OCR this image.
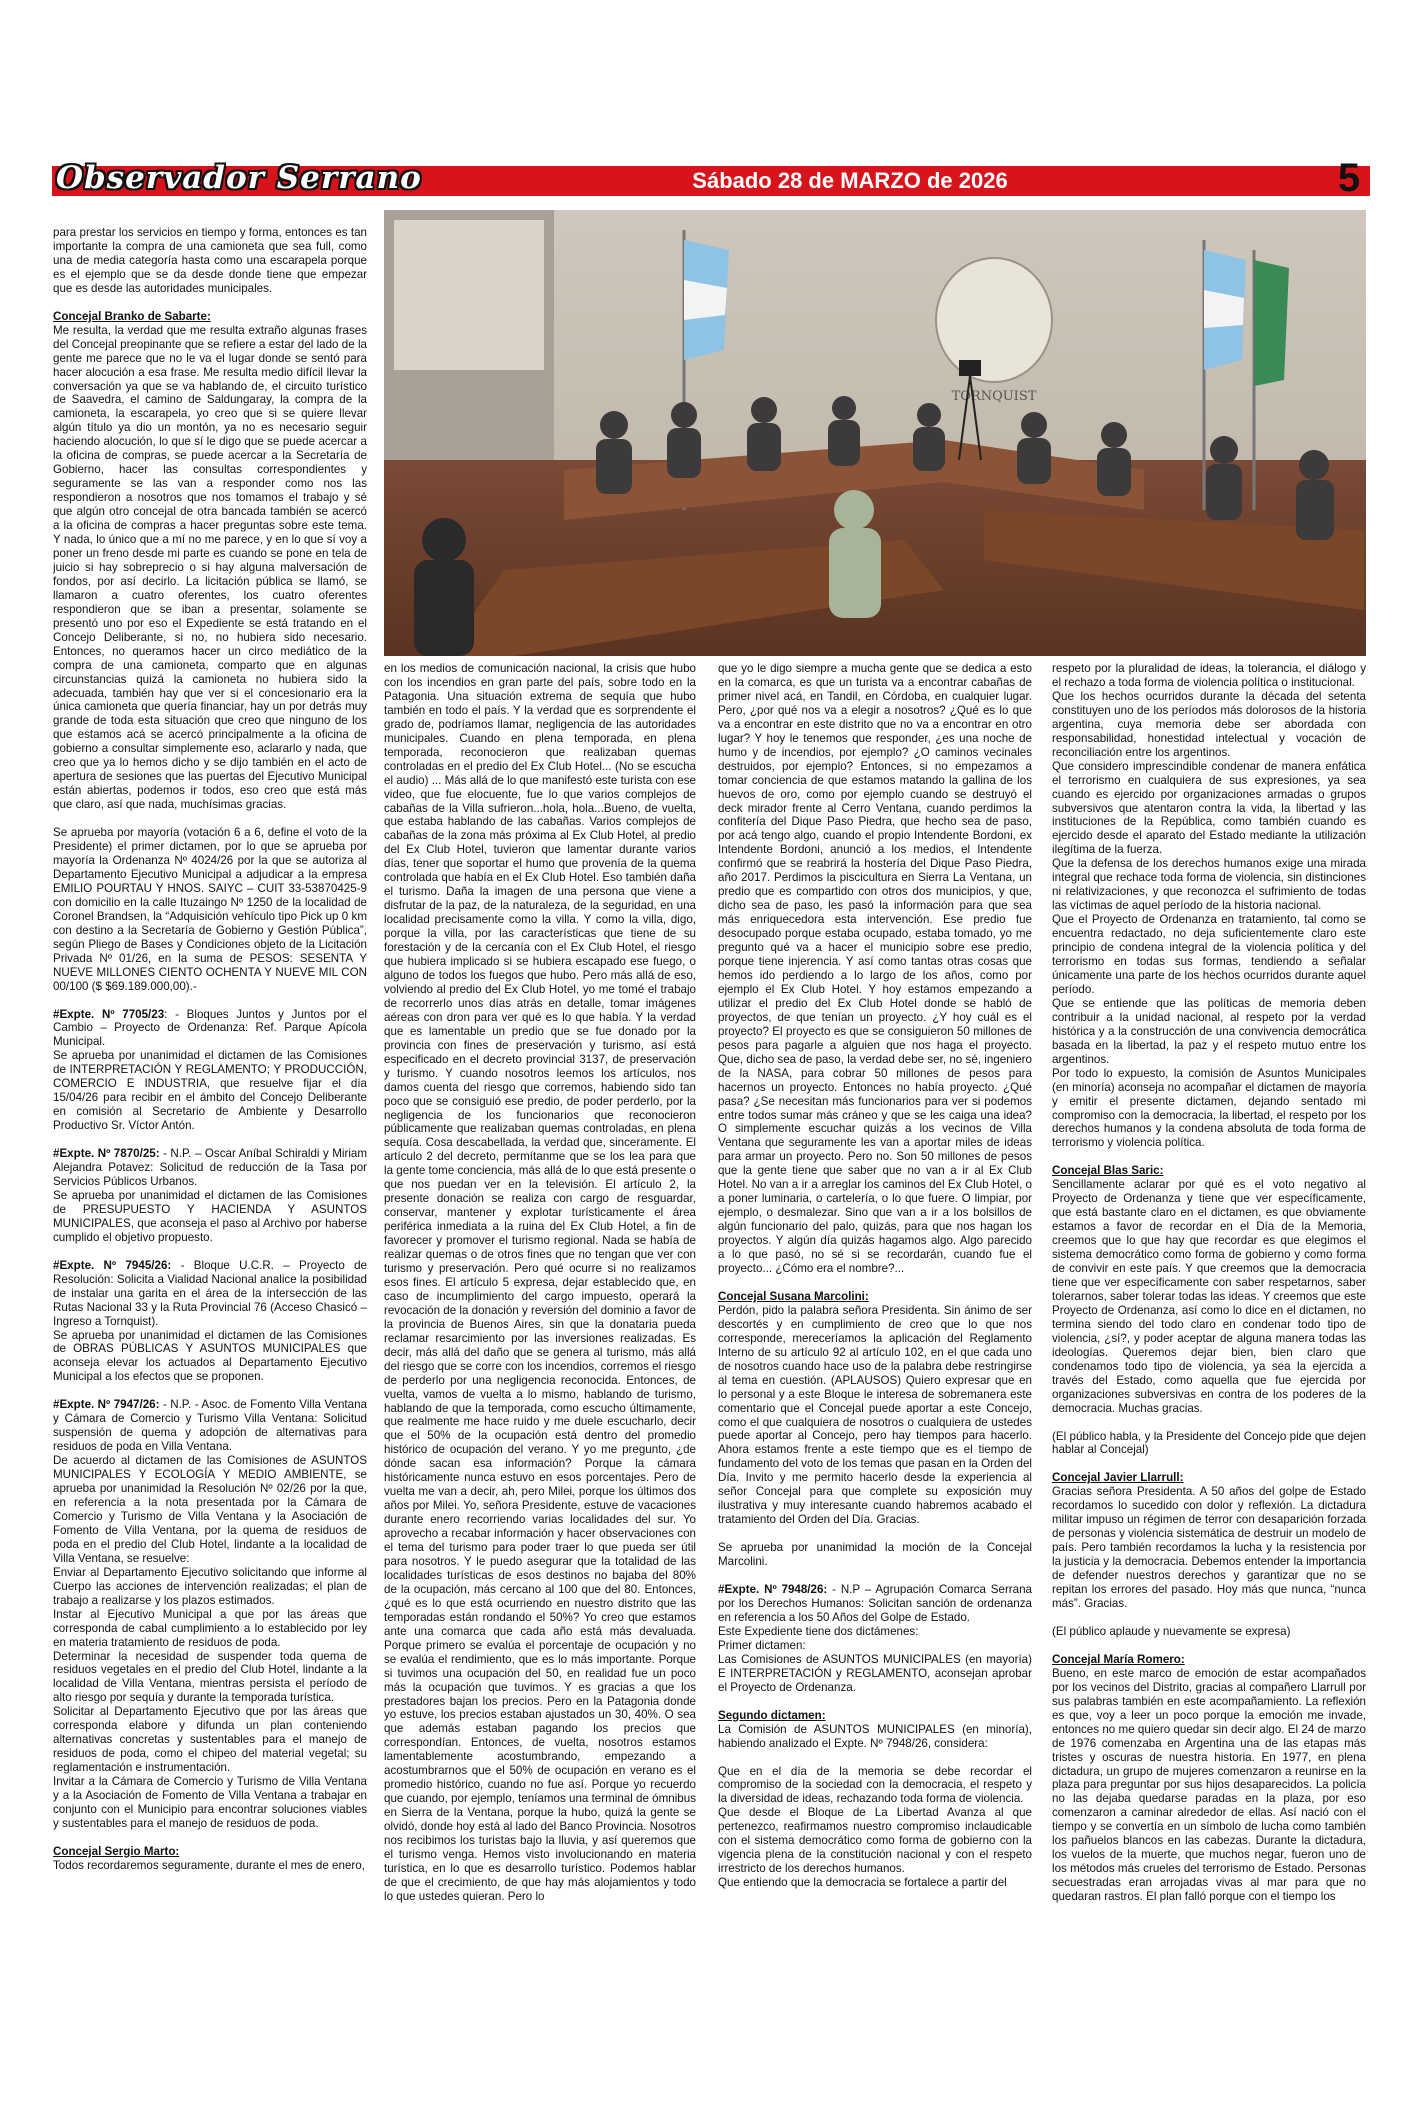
Observador Serrano	Sábado 28 de MARZO de 2026	5

para prestar los servicios en tiempo y forma, entonces es tan importante la compra de una camioneta que sea full, como una de media categoría hasta como una escarapela porque es el ejemplo que se da desde donde tiene que empezar que es desde las autoridades municipales.

Concejal Branko de Sabarte:

Me resulta, la verdad que me resulta extraño algunas frases del Concejal preopinante que se refiere a estar del lado de la gente me parece que no le va el lugar donde se sentó para hacer alocución a esa frase. Me resulta medio difícil llevar la conversación ya que se va hablando de, el circuito turístico de Saavedra, el camino de Saldungaray, la compra de la camioneta, la escarapela, yo creo que si se quiere llevar algún título ya dio un montón, ya no es necesario seguir haciendo alocución, lo que sí le digo que se puede acercar a la oficina de compras, se puede acercar a la Secretaría de Gobierno, hacer las consultas correspondientes y seguramente se las van a responder como nos las respondieron a nosotros que nos tomamos el trabajo y sé que algún otro concejal de otra bancada también se acercó a la oficina de compras a hacer preguntas sobre este tema. Y nada, lo único que a mí no me parece, y en lo que sí voy a poner un freno desde mi parte es cuando se pone en tela de juicio si hay sobreprecio o si hay alguna malversación de fondos, por así decirlo. La licitación pública se llamó, se llamaron a cuatro oferentes, los cuatro oferentes respondieron que se iban a presentar, solamente se presentó uno por eso el Expediente se está tratando en el Concejo Deliberante, si no, no hubiera sido necesario. Entonces, no queramos hacer un circo mediático de la compra de una camioneta, comparto que en algunas circunstancias quizá la camioneta no hubiera sido la adecuada, también hay que ver si el concesionario era la única camioneta que quería financiar, hay un por detrás muy grande de toda esta situación que creo que ninguno de los que estamos acá se acercó principalmente a la oficina de gobierno a consultar simplemente eso, aclararlo y nada, que creo que ya lo hemos dicho y se dijo también en el acto de apertura de sesiones que las puertas del Ejecutivo Municipal están abiertas, podemos ir todos, eso creo que está más que claro, así que nada, muchísimas gracias.

Se aprueba por mayoría (votación 6 a 6, define el voto de la Presidente) el primer dictamen, por lo que se aprueba por mayoría la Ordenanza Nº 4024/26 por la que se autoriza al Departamento Ejecutivo Municipal a adjudicar a la empresa EMILIO POURTAU Y HNOS. SAIYC – CUIT 33-53870425-9 con domicilio en la calle Ituzaingo Nº 1250 de la localidad de Coronel Brandsen, la “Adquisición vehículo tipo Pick up 0 km con destino a la Secretaría de Gobierno y Gestión Pública”, según Pliego de Bases y Condiciones objeto de la Licitación Privada Nº 01/26, en la suma de PESOS: SESENTA Y NUEVE MILLONES CIENTO OCHENTA Y NUEVE MIL CON 00/100 ($ $69.189.000,00).-

#Expte. Nº 7705/23: - Bloques Juntos y Juntos por el Cambio – Proyecto de Ordenanza: Ref. Parque Apícola Municipal.

Se aprueba por unanimidad el dictamen de las Comisiones de INTERPRETACIÓN Y REGLAMENTO; Y PRODUCCIÓN, COMERCIO E INDUSTRIA, que resuelve fijar el día 15/04/26 para recibir en el ámbito del Concejo Deliberante en comisión al Secretario de Ambiente y Desarrollo Productivo Sr. Víctor Antón.

#Expte. Nº 7870/25: - N.P. – Oscar Aníbal Schiraldi y Miriam Alejandra Potavez: Solicitud de reducción de la Tasa por Servicios Públicos Urbanos.

Se aprueba por unanimidad el dictamen de las Comisiones de PRESUPUESTO Y HACIENDA Y ASUNTOS MUNICIPALES, que aconseja el paso al Archivo por haberse cumplido el objetivo propuesto.

#Expte. Nº 7945/26: - Bloque U.C.R. – Proyecto de Resolución: Solicita a Vialidad Nacional analice la posibilidad de instalar una garita en el área de la intersección de las Rutas Nacional 33 y la Ruta Provincial 76 (Acceso Chasicó – Ingreso a Tornquist).

Se aprueba por unanimidad el dictamen de las Comisiones de OBRAS PÚBLICAS Y ASUNTOS MUNICIPALES que aconseja elevar los actuados al Departamento Ejecutivo Municipal a los efectos que se proponen.

#Expte. Nº 7947/26: - N.P. - Asoc. de Fomento Villa Ventana y Cámara de Comercio y Turismo Villa Ventana: Solicitud suspensión de quema y adopción de alternativas para residuos de poda en Villa Ventana.

De acuerdo al dictamen de las Comisiones de ASUNTOS MUNICIPALES Y ECOLOGÍA Y MEDIO AMBIENTE, se aprueba por unanimidad la Resolución Nº 02/26 por la que, en referencia a la nota presentada por la Cámara de Comercio y Turismo de Villa Ventana y la Asociación de Fomento de Villa Ventana, por la quema de residuos de poda en el predio del Club Hotel, lindante a la localidad de Villa Ventana, se resuelve:

Enviar al Departamento Ejecutivo solicitando que informe al Cuerpo las acciones de intervención realizadas; el plan de trabajo a realizarse y los plazos estimados.

Instar al Ejecutivo Municipal a que por las áreas que corresponda de cabal cumplimiento a lo establecido por ley en materia tratamiento de residuos de poda.

Determinar la necesidad de suspender toda quema de residuos vegetales en el predio del Club Hotel, lindante a la localidad de Villa Ventana, mientras persista el período de alto riesgo por sequía y durante la temporada turística.

Solicitar al Departamento Ejecutivo que por las áreas que corresponda elabore y difunda un plan conteniendo alternativas concretas y sustentables para el manejo de residuos de poda, como el chipeo del material vegetal; su reglamentación e instrumentación.

Invitar a la Cámara de Comercio y Turismo de Villa Ventana y a la Asociación de Fomento de Villa Ventana a trabajar en conjunto con el Municipio para encontrar soluciones viables y sustentables para el manejo de residuos de poda.

Concejal Sergio Marto:

Todos recordaremos seguramente, durante el mes de enero,

TORNQUIST

en los medios de comunicación nacional, la crisis que hubo con los incendios en gran parte del país, sobre todo en la Patagonia. Una situación extrema de sequía que hubo también en todo el país. Y la verdad que es sorprendente el grado de, podríamos llamar, negligencia de las autoridades municipales. Cuando en plena temporada, en plena temporada, reconocieron que realizaban quemas controladas en el predio del Ex Club Hotel... (No se escucha el audio) ... Más allá de lo que manifestó este turista con ese video, que fue elocuente, fue lo que varios complejos de cabañas de la Villa sufrieron...hola, hola...Bueno, de vuelta, que estaba hablando de las cabañas. Varios complejos de cabañas de la zona más próxima al Ex Club Hotel, al predio del Ex Club Hotel, tuvieron que lamentar durante varios días, tener que soportar el humo que provenía de la quema controlada que había en el Ex Club Hotel. Eso también daña el turismo. Daña la imagen de una persona que viene a disfrutar de la paz, de la naturaleza, de la seguridad, en una localidad precisamente como la villa. Y como la villa, digo, porque la villa, por las características que tiene de su forestación y de la cercanía con el Ex Club Hotel, el riesgo que hubiera implicado si se hubiera escapado ese fuego, o alguno de todos los fuegos que hubo. Pero más allá de eso, volviendo al predio del Ex Club Hotel, yo me tomé el trabajo de recorrerlo unos días atrás en detalle, tomar imágenes aéreas con dron para ver qué es lo que había. Y la verdad que es lamentable un predio que se fue donado por la provincia con fines de preservación y turismo, así está especificado en el decreto provincial 3137, de preservación y turismo. Y cuando nosotros leemos los artículos, nos damos cuenta del riesgo que corremos, habiendo sido tan poco que se consiguió ese predio, de poder perderlo, por la negligencia de los funcionarios que reconocieron públicamente que realizaban quemas controladas, en plena sequía. Cosa descabellada, la verdad que, sinceramente. El artículo 2 del decreto, permítanme que se los lea para que la gente tome conciencia, más allá de lo que está presente o que nos puedan ver en la televisión. El artículo 2, la presente donación se realiza con cargo de resguardar, conservar, mantener y explotar turísticamente el área periférica inmediata a la ruina del Ex Club Hotel, a fin de favorecer y promover el turismo regional. Nada se había de realizar quemas o de otros fines que no tengan que ver con turismo y preservación. Pero qué ocurre si no realizamos esos fines. El artículo 5 expresa, dejar establecido que, en caso de incumplimiento del cargo impuesto, operará la revocación de la donación y reversión del dominio a favor de la provincia de Buenos Aires, sin que la donataria pueda reclamar resarcimiento por las inversiones realizadas. Es decir, más allá del daño que se genera al turismo, más allá del riesgo que se corre con los incendios, corremos el riesgo de perderlo por una negligencia reconocida. Entonces, de vuelta, vamos de vuelta a lo mismo, hablando de turismo, hablando de que la temporada, como escucho últimamente, que realmente me hace ruido y me duele escucharlo, decir que el 50% de la ocupación está dentro del promedio histórico de ocupación del verano. Y yo me pregunto, ¿de dónde sacan esa información? Porque la cámara históricamente nunca estuvo en esos porcentajes. Pero de vuelta me van a decir, ah, pero Milei, porque los últimos dos años por Milei. Yo, señora Presidente, estuve de vacaciones durante enero recorriendo varias localidades del sur. Yo aprovecho a recabar información y hacer observaciones con el tema del turismo para poder traer lo que pueda ser útil para nosotros. Y le puedo asegurar que la totalidad de las localidades turísticas de esos destinos no bajaba del 80% de la ocupación, más cercano al 100 que del 80. Entonces, ¿qué es lo que está ocurriendo en nuestro distrito que las temporadas están rondando el 50%? Yo creo que estamos ante una comarca que cada año está más devaluada. Porque primero se evalúa el porcentaje de ocupación y no se evalúa el rendimiento, que es lo más importante. Porque si tuvimos una ocupación del 50, en realidad fue un poco más la ocupación que tuvimos. Y es gracias a que los prestadores bajan los precios. Pero en la Patagonia donde yo estuve, los precios estaban ajustados un 30, 40%. O sea que además estaban pagando los precios que correspondían. Entonces, de vuelta, nosotros estamos lamentablemente acostumbrando, empezando a acostumbrarnos que el 50% de ocupación en verano es el promedio histórico, cuando no fue así. Porque yo recuerdo que cuando, por ejemplo, teníamos una terminal de ómnibus en Sierra de la Ventana, porque la hubo, quizá la gente se olvidó, donde hoy está al lado del Banco Provincia. Nosotros nos recibimos los turistas bajo la lluvia, y así queremos que el turismo venga. Hemos visto involucionando en materia turística, en lo que es desarrollo turístico. Podemos hablar de que el crecimiento, de que hay más alojamientos y todo lo que ustedes quieran. Pero lo

que yo le digo siempre a mucha gente que se dedica a esto en la comarca, es que un turista va a encontrar cabañas de primer nivel acá, en Tandil, en Córdoba, en cualquier lugar. Pero, ¿por qué nos va a elegir a nosotros? ¿Qué es lo que va a encontrar en este distrito que no va a encontrar en otro lugar? Y hoy le tenemos que responder, ¿es una noche de humo y de incendios, por ejemplo? ¿O caminos vecinales destruidos, por ejemplo? Entonces, si no empezamos a tomar conciencia de que estamos matando la gallina de los huevos de oro, como por ejemplo cuando se destruyó el deck mirador frente al Cerro Ventana, cuando perdimos la confitería del Dique Paso Piedra, que hecho sea de paso, por acá tengo algo, cuando el propio Intendente Bordoni, ex Intendente Bordoni, anunció a los medios, el Intendente confirmó que se reabrirá la hostería del Dique Paso Piedra, año 2017. Perdimos la piscicultura en Sierra La Ventana, un predio que es compartido con otros dos municipios, y que, dicho sea de paso, les pasó la información para que sea más enriquecedora esta intervención. Ese predio fue desocupado porque estaba ocupado, estaba tomado, yo me pregunto qué va a hacer el municipio sobre ese predio, porque tiene injerencia. Y así como tantas otras cosas que hemos ido perdiendo a lo largo de los años, como por ejemplo el Ex Club Hotel. Y hoy estamos empezando a utilizar el predio del Ex Club Hotel donde se habló de proyectos, de que tenían un proyecto. ¿Y hoy cuál es el proyecto? El proyecto es que se consiguieron 50 millones de pesos para pagarle a alguien que nos haga el proyecto. Que, dicho sea de paso, la verdad debe ser, no sé, ingeniero de la NASA, para cobrar 50 millones de pesos para hacernos un proyecto. Entonces no había proyecto. ¿Qué pasa? ¿Se necesitan más funcionarios para ver si podemos entre todos sumar más cráneo y que se les caiga una idea? O simplemente escuchar quizás a los vecinos de Villa Ventana que seguramente les van a aportar miles de ideas para armar un proyecto. Pero no. Son 50 millones de pesos que la gente tiene que saber que no van a ir al Ex Club Hotel. No van a ir a arreglar los caminos del Ex Club Hotel, o a poner luminaria, o cartelería, o lo que fuere. O limpiar, por ejemplo, o desmalezar. Sino que van a ir a los bolsillos de algún funcionario del palo, quizás, para que nos hagan los proyectos. Y algún día quizás hagamos algo. Algo parecido a lo que pasó, no sé si se recordarán, cuando fue el proyecto... ¿Cómo era el nombre?...

Concejal Susana Marcolini:

Perdón, pido la palabra señora Presidenta. Sin ánimo de ser descortés y en cumplimiento de creo que lo que nos corresponde, mereceríamos la aplicación del Reglamento Interno de su artículo 92 al artículo 102, en el que cada uno de nosotros cuando hace uso de la palabra debe restringirse al tema en cuestión. (APLAUSOS) Quiero expresar que en lo personal y a este Bloque le interesa de sobremanera este comentario que el Concejal puede aportar a este Concejo, como el que cualquiera de nosotros o cualquiera de ustedes puede aportar al Concejo, pero hay tiempos para hacerlo. Ahora estamos frente a este tiempo que es el tiempo de fundamento del voto de los temas que pasan en la Orden del Día. Invito y me permito hacerlo desde la experiencia al señor Concejal para que complete su exposición muy ilustrativa y muy interesante cuando habremos acabado el tratamiento del Orden del Día. Gracias.

Se aprueba por unanimidad la moción de la Concejal Marcolini.

#Expte. Nº 7948/26: - N.P – Agrupación Comarca Serrana por los Derechos Humanos: Solicitan sanción de ordenanza en referencia a los 50 Años del Golpe de Estado.

Este Expediente tiene dos dictámenes:

Primer dictamen:

Las Comisiones de ASUNTOS MUNICIPALES (en mayoría) E INTERPRETACIÓN y REGLAMENTO, aconsejan aprobar el Proyecto de Ordenanza.

Segundo dictamen:

La Comisión de ASUNTOS MUNICIPALES (en minoría), habiendo analizado el Expte. Nº 7948/26, considera:

Que en el día de la memoria se debe recordar el compromiso de la sociedad con la democracia, el respeto y la diversidad de ideas, rechazando toda forma de violencia.

Que desde el Bloque de La Libertad Avanza al que pertenezco, reafirmamos nuestro compromiso inclaudicable con el sistema democrático como forma de gobierno con la vigencia plena de la constitución nacional y con el respeto irrestricto de los derechos humanos.

Que entiendo que la democracia se fortalece a partir del

respeto por la pluralidad de ideas, la tolerancia, el diálogo y el rechazo a toda forma de violencia política o institucional.

Que los hechos ocurridos durante la década del setenta constituyen uno de los períodos más dolorosos de la historia argentina, cuya memoria debe ser abordada con responsabilidad, honestidad intelectual y vocación de reconciliación entre los argentinos.

Que considero imprescindible condenar de manera enfática el terrorismo en cualquiera de sus expresiones, ya sea cuando es ejercido por organizaciones armadas o grupos subversivos que atentaron contra la vida, la libertad y las instituciones de la República, como también cuando es ejercido desde el aparato del Estado mediante la utilización ilegítima de la fuerza.

Que la defensa de los derechos humanos exige una mirada integral que rechace toda forma de violencia, sin distinciones ni relativizaciones, y que reconozca el sufrimiento de todas las víctimas de aquel período de la historia nacional.

Que el Proyecto de Ordenanza en tratamiento, tal como se encuentra redactado, no deja suficientemente claro este principio de condena integral de la violencia política y del terrorismo en todas sus formas, tendiendo a señalar únicamente una parte de los hechos ocurridos durante aquel período.

Que se entiende que las políticas de memoria deben contribuir a la unidad nacional, al respeto por la verdad histórica y a la construcción de una convivencia democrática basada en la libertad, la paz y el respeto mutuo entre los argentinos.

Por todo lo expuesto, la comisión de Asuntos Municipales (en minoría) aconseja no acompañar el dictamen de mayoría y emitir el presente dictamen, dejando sentado mi compromiso con la democracia, la libertad, el respeto por los derechos humanos y la condena absoluta de toda forma de terrorismo y violencia política.

Concejal Blas Saric:

Sencillamente aclarar por qué es el voto negativo al Proyecto de Ordenanza y tiene que ver específicamente, que está bastante claro en el dictamen, es que obviamente estamos a favor de recordar en el Día de la Memoria, creemos que lo que hay que recordar es que elegimos el sistema democrático como forma de gobierno y como forma de convivir en este país. Y que creemos que la democracia tiene que ver específicamente con saber respetarnos, saber tolerarnos, saber tolerar todas las ideas. Y creemos que este Proyecto de Ordenanza, así como lo dice en el dictamen, no termina siendo del todo claro en condenar todo tipo de violencia, ¿sí?, y poder aceptar de alguna manera todas las ideologías. Queremos dejar bien, bien claro que condenamos todo tipo de violencia, ya sea la ejercida a través del Estado, como aquella que fue ejercida por organizaciones subversivas en contra de los poderes de la democracia. Muchas gracias.

(El público habla, y la Presidente del Concejo pide que dejen hablar al Concejal)

Concejal Javier Llarrull:

Gracias señora Presidenta. A 50 años del golpe de Estado recordamos lo sucedido con dolor y reflexión. La dictadura militar impuso un régimen de terror con desaparición forzada de personas y violencia sistemática de destruir un modelo de país. Pero también recordamos la lucha y la resistencia por la justicia y la democracia. Debemos entender la importancia de defender nuestros derechos y garantizar que no se repitan los errores del pasado. Hoy más que nunca, “nunca más”. Gracias.

(El público aplaude y nuevamente se expresa)

Concejal María Romero:

Bueno, en este marco de emoción de estar acompañados por los vecinos del Distrito, gracias al compañero Llarrull por sus palabras también en este acompañamiento. La reflexión es que, voy a leer un poco porque la emoción me invade, entonces no me quiero quedar sin decir algo. El 24 de marzo de 1976 comenzaba en Argentina una de las etapas más tristes y oscuras de nuestra historia. En 1977, en plena dictadura, un grupo de mujeres comenzaron a reunirse en la plaza para preguntar por sus hijos desaparecidos. La policía no las dejaba quedarse paradas en la plaza, por eso comenzaron a caminar alrededor de ellas. Así nació con el tiempo y se convertía en un símbolo de lucha como también los pañuelos blancos en las cabezas. Durante la dictadura, los vuelos de la muerte, que muchos negar, fueron uno de los métodos más crueles del terrorismo de Estado. Personas secuestradas eran arrojadas vivas al mar para que no quedaran rastros. El plan falló porque con el tiempo los
